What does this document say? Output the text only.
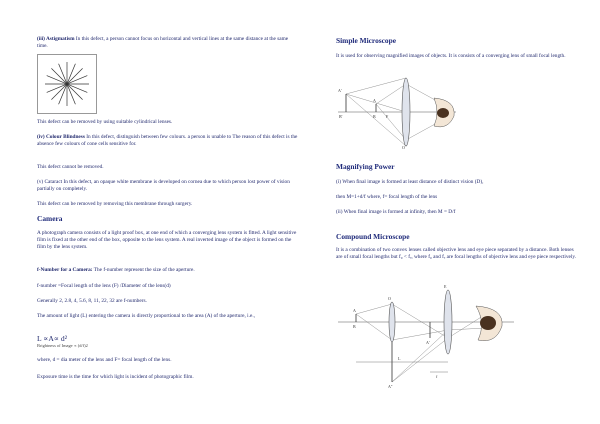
(iii) Astigmatism In this defect, a person cannot focus on horizontal and vertical lines at the same distance at the same time.

This defect can be removed by using suitable cylindrical lenses.

(iv) Colour Blindness In this defect, distinguish between few colours. a person is unable to The reason of this defect is the absence few colours of cone cells sensitive for.

This defect cannot be removed.

(v) Cataract In this defect, an opaque white membrane is developed on cornea due to which person lost power of vision partially on completely.

This defect can be removed by removing this membrane through surgery.

Camera

A photograph camera consists of a light proof box, at one end of which a converging lens system is fitted. A light sensitive film is fixed at the other end of the box, opposite to the lens system. A real inverted image of the object is formed on the film by the lens system.

f-Number for a Camera: The f-number represent the size of the aperture.

f-number =Focal length of the lens (F) /Diameter of the lens(d)

Generally 2, 2.8, 4, 5.6, 8, 11, 22, 32 are f-numbers.

The amount of light (L) entering the camera is directly proportional to the area (A) of the aperture, i.e.,

L ∝A∝ d²
Brightness of Image ∝ (d/f)2

where, d = dia meter of the lens and F= focal length of the lens.

Exposure time is the time for which light is incident of photographic film.

Simple Microscope

It is used for observing magnified images of objects. It is consists of a converging lens of small focal length.

A'
B'
A
B	F
O
Magnifying Power

(i) When final image is formed at least distance of distinct vision (D),

then M=1+d/f where, f= focal length of the lens

(ii) When final image is formed at infinity, then M = D/f

Compound Microscope

It is a combination of two convex lenses called objective lens and eye piece separated by a distance. Both lenses are of small focal lengths but f₀ < fₑ, where f₀ and fₑ are focal lengths of objective lens and eye piece respectively.

A
B
O
E
A'
A''
L
f
